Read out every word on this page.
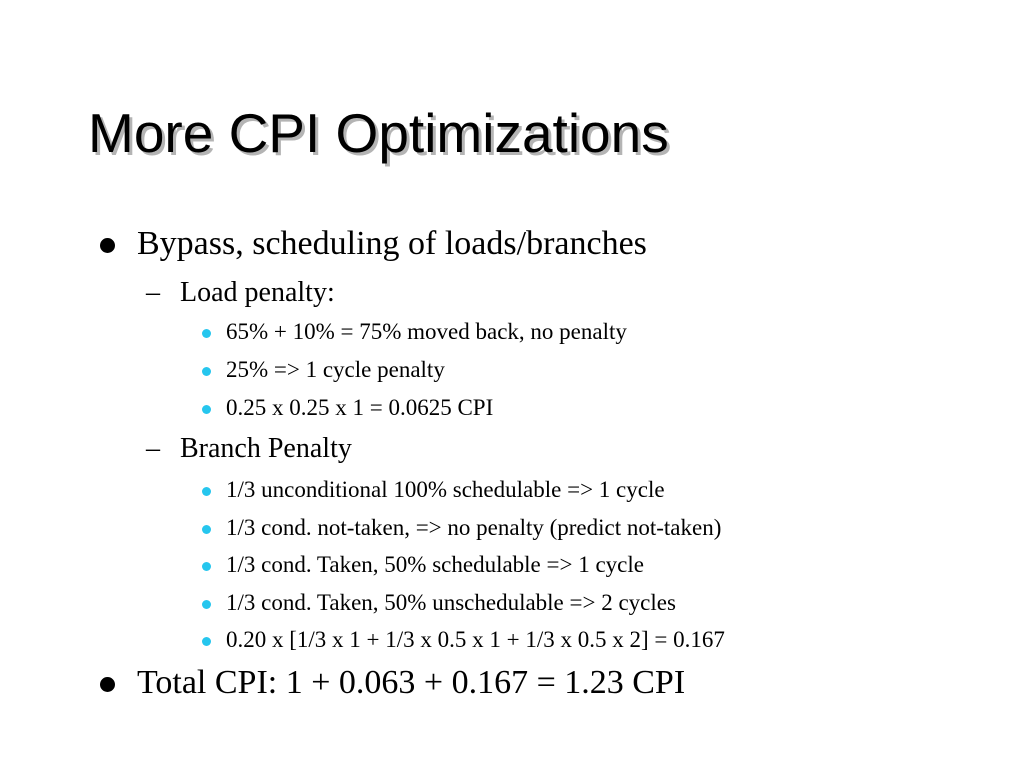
More CPI Optimizations
Bypass, scheduling of loads/branches
– Load penalty:
65% + 10% = 75% moved back, no penalty
25% => 1 cycle penalty
0.25 x 0.25 x 1 = 0.0625 CPI
– Branch Penalty
1/3 unconditional 100% schedulable => 1 cycle
1/3 cond. not-taken, => no penalty (predict not-taken)
1/3 cond. Taken, 50% schedulable => 1 cycle
1/3 cond. Taken, 50% unschedulable => 2 cycles
0.20 x [1/3 x 1 + 1/3 x 0.5 x 1 + 1/3 x 0.5 x 2] = 0.167
Total CPI: 1 + 0.063 + 0.167 = 1.23 CPI
